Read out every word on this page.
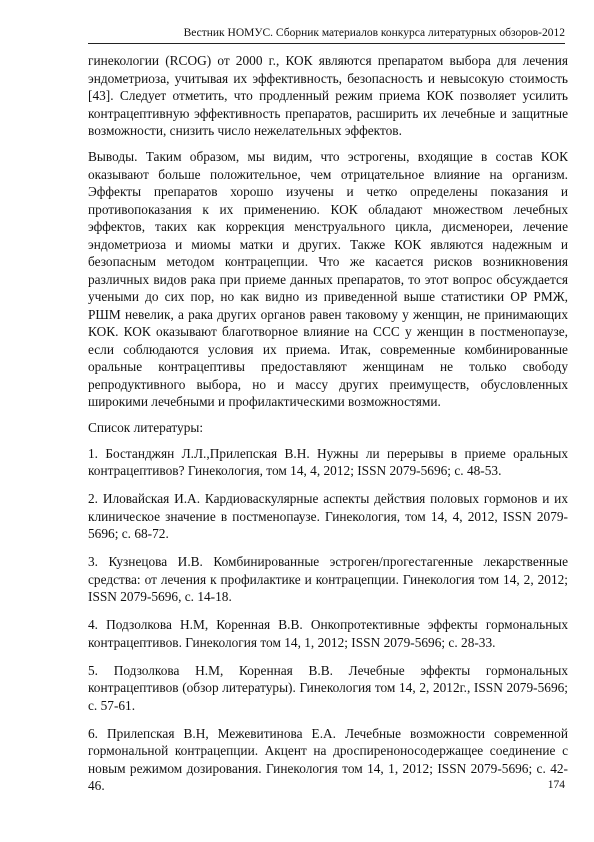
Вестник НОМУС. Сборник материалов конкурса литературных обзоров-2012

гинекологии (RCOG) от 2000 г., КОК являются препаратом выбора для лечения эндометриоза, учитывая их эффективность, безопасность и невысокую стоимость [43]. Следует отметить, что продленный режим приема КОК позволяет усилить контрацептивную эффективность препаратов, расширить их лечебные и защитные возможности, снизить число нежелательных эффектов.

Выводы. Таким образом, мы видим, что эстрогены, входящие в состав КОК оказывают больше положительное, чем отрицательное влияние на организм. Эффекты препаратов хорошо изучены и четко определены показания и противопоказания к их применению. КОК обладают множеством лечебных эффектов, таких как коррекция менструального цикла, дисменореи, лечение эндометриоза и миомы матки и других. Также КОК являются надежным и безопасным методом контрацепции. Что же касается рисков возникновения различных видов рака при приеме данных препаратов, то этот вопрос обсуждается учеными до сих пор, но как видно из приведенной выше статистики ОР РМЖ, РШМ невелик, а рака других органов равен таковому у женщин, не принимающих КОК. КОК оказывают благотворное влияние на ССС у женщин в постменопаузе, если соблюдаются условия их приема. Итак, современные комбинированные оральные контрацептивы предоставляют женщинам не только свободу репродуктивного выбора, но и массу других преимуществ, обусловленных широкими лечебными и профилактическими возможностями.

Список литературы:

1. Бостанджян Л.Л.,Прилепская В.Н. Нужны ли перерывы в приеме оральных контрацептивов? Гинекология, том 14, 4, 2012; ISSN 2079-5696; с. 48-53.

2. Иловайская И.А. Кардиоваскулярные аспекты действия половых гормонов и их клиническое значение в постменопаузе. Гинекология, том 14, 4, 2012, ISSN 2079-5696; с. 68-72.

3. Кузнецова И.В. Комбинированные эстроген/прогестагенные лекарственные средства: от лечения к профилактике и контрацепции. Гинекология том 14, 2, 2012; ISSN 2079-5696, с. 14-18.

4. Подзолкова Н.М, Коренная В.В. Онкопротективные эффекты гормональных контрацептивов. Гинекология том 14, 1, 2012; ISSN 2079-5696; с. 28-33.

5. Подзолкова Н.М, Коренная В.В. Лечебные эффекты гормональных контрацептивов (обзор литературы). Гинекология том 14, 2, 2012г., ISSN 2079-5696; с. 57-61.

6. Прилепская В.Н, Межевитинова Е.А. Лечебные возможности современной гормональной контрацепции. Акцент на дроспиреноносодержащее соединение с новым режимом дозирования. Гинекология том 14, 1, 2012; ISSN 2079-5696; с. 42-46.	174
